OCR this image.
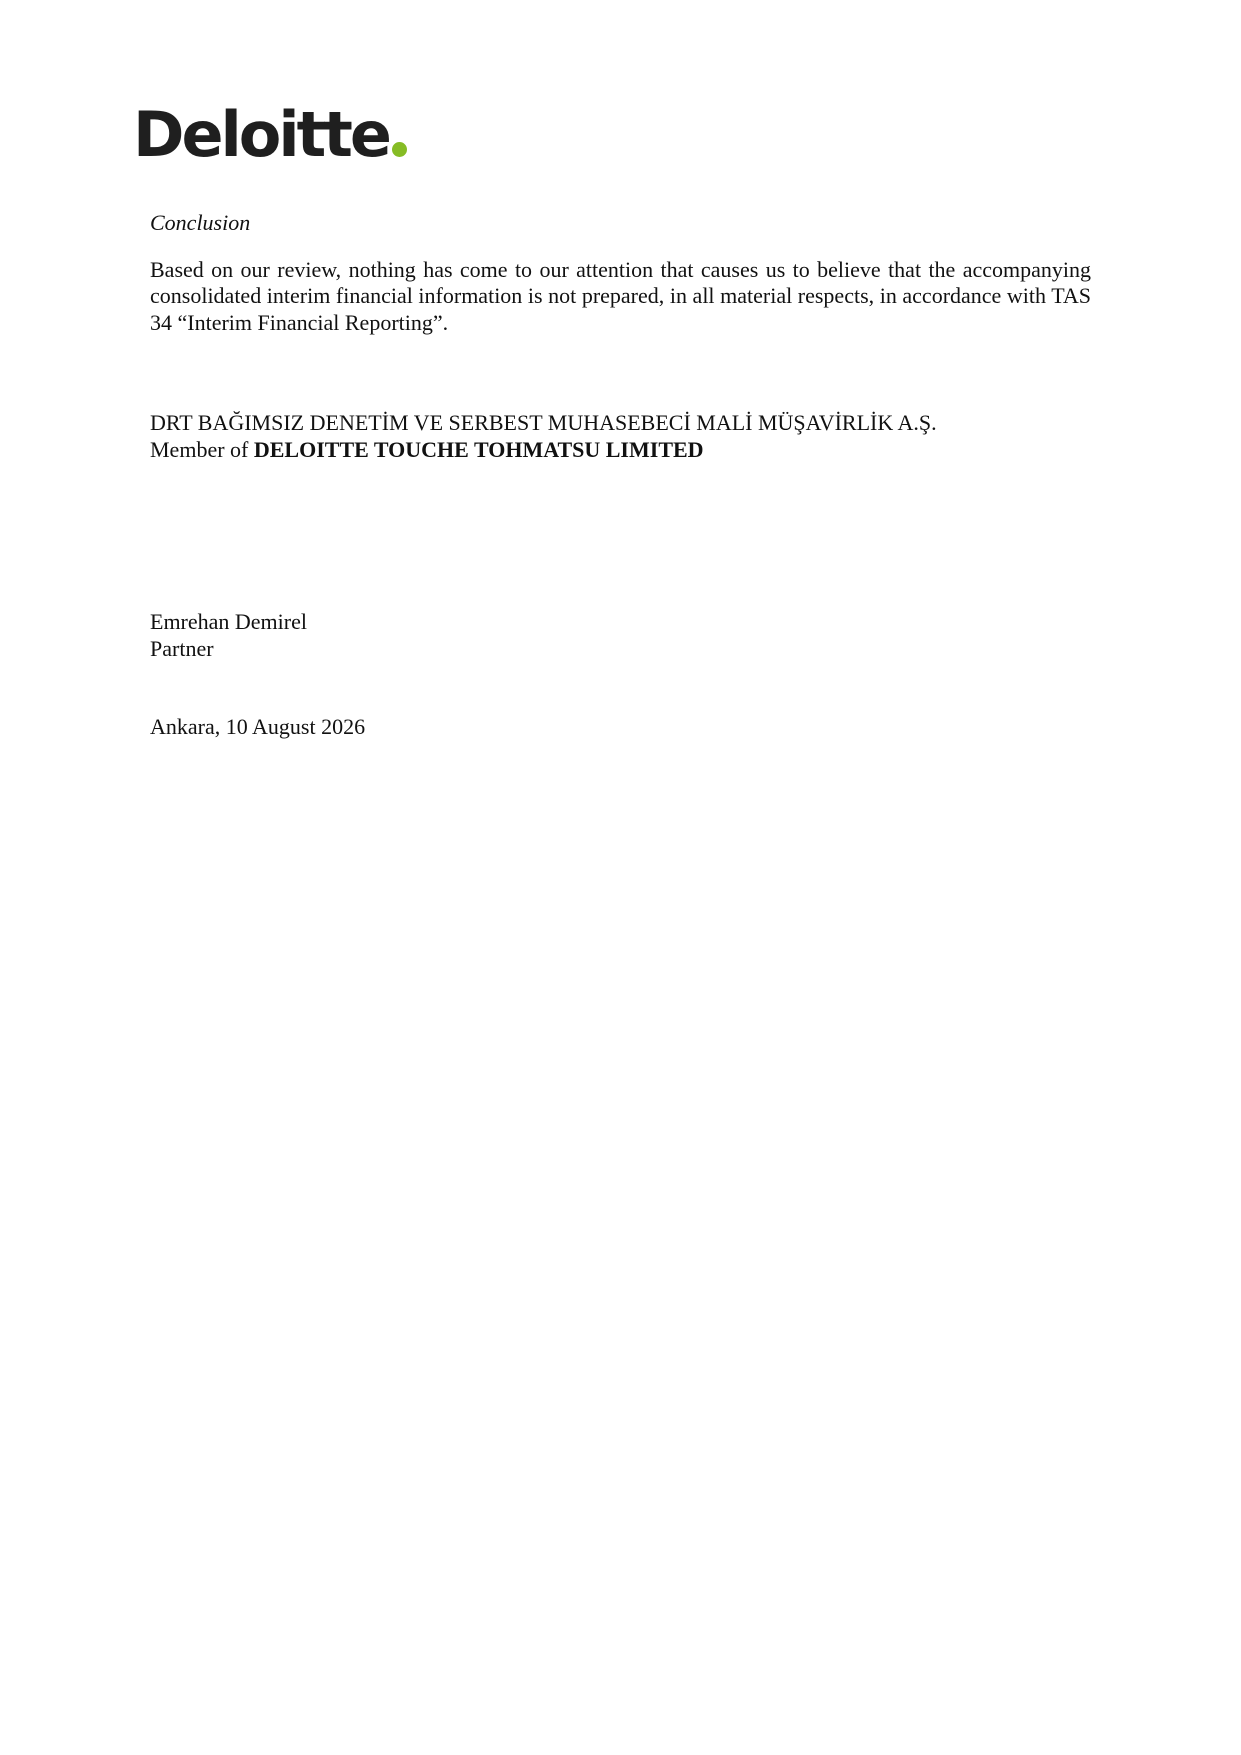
Deloitte

Conclusion

Based on our review, nothing has come to our attention that causes us to believe that the accompanying consolidated interim financial information is not prepared, in all material respects, in accordance with TAS 34 “Interim Financial Reporting”.

DRT BAĞIMSIZ DENETİM VE SERBEST MUHASEBECİ MALİ MÜŞAVİRLİK A.Ş.
Member of DELOITTE TOUCHE TOHMATSU LIMITED
Emrehan Demirel
Partner
Ankara, 10 August 2026
